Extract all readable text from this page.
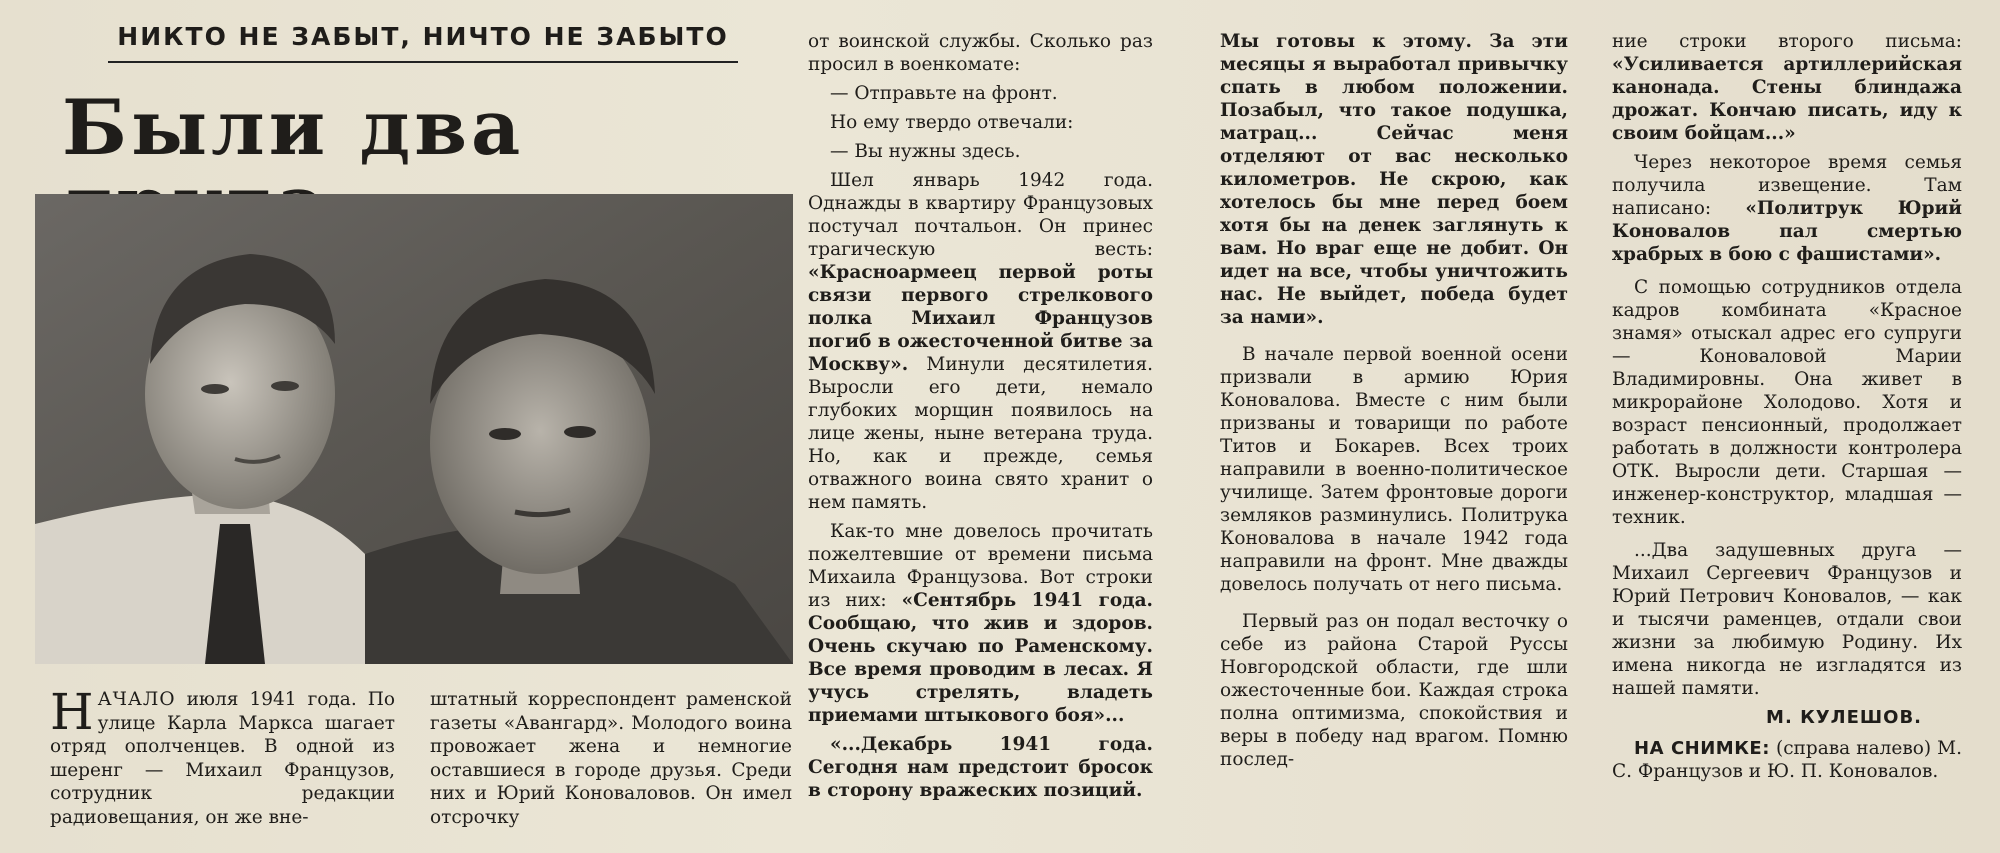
НИКТО НЕ ЗАБЫТ, НИЧТО НЕ ЗАБЫТО
Были два
НАЧАЛО июля 1941 года. По улице Карла Маркса шагает отряд ополченцев. В одной из шеренг — Михаил Французов, сотрудник редакции радиовещания, он же вне-
штатный корреспондент раменской газеты «Авангард». Молодого воина провожает жена и немногие оставшиеся в городе друзья. Среди них и Юрий Коноваловов. Он имел отсрочку

от воинской службы. Сколько раз просил в военкомате:

— Отправьте на фронт.

Но ему твердо отвечали:

— Вы нужны здесь.

Шел январь 1942 года. Однажды в квартиру Французовых постучал почтальон. Он принес трагическую весть: «Красноармеец первой роты связи первого стрелкового полка Михаил Французов погиб в ожесточенной битве за Москву». Минули десятилетия. Выросли его дети, немало глубоких морщин появилось на лице жены, ныне ветерана труда. Но, как и прежде, семья отважного воина свято хранит о нем память.

Как-то мне довелось прочитать пожелтевшие от времени письма Михаила Французова. Вот строки из них: «Сентябрь 1941 года. Сообщаю, что жив и здоров. Очень скучаю по Раменскому. Все время проводим в лесах. Я учусь стрелять, владеть приемами штыкового боя»...

«...Декабрь 1941 года. Сегодня нам предстоит бросок в сторону вражеских позиций.

Мы готовы к этому. За эти месяцы я выработал привычку спать в любом положении. Позабыл, что такое подушка, матрац... Сейчас меня отделяют от вас несколько километров. Не скрою, как хотелось бы мне перед боем хотя бы на денек заглянуть к вам. Но враг еще не добит. Он идет на все, чтобы уничтожить нас. Не выйдет, победа будет за нами».

В начале первой военной осени призвали в армию Юрия Коновалова. Вместе с ним были призваны и товарищи по работе Титов и Бокарев. Всех троих направили в военно-политическое училище. Затем фронтовые дороги земляков разминулись. Политрука Коновалова в начале 1942 года направили на фронт. Мне дважды довелось получать от него письма.

Первый раз он подал весточку о себе из района Старой Руссы Новгородской области, где шли ожесточенные бои. Каждая строка полна оптимизма, спокойствия и веры в победу над врагом. Помню послед-

ние строки второго письма: «Усиливается артиллерийская канонада. Стены блиндажа дрожат. Кончаю писать, иду к своим бойцам...»

Через некоторое время семья получила извещение. Там написано: «Политрук Юрий Коновалов пал смертью храбрых в бою с фашистами».

С помощью сотрудников отдела кадров комбината «Красное знамя» отыскал адрес его супруги — Коноваловой Марии Владимировны. Она живет в микрорайоне Холодово. Хотя и возраст пенсионный, продолжает работать в должности контролера ОТК. Выросли дети. Старшая — инженер-конструктор, младшая — техник.

...Два задушевных друга — Михаил Сергеевич Французов и Юрий Петрович Коновалов, — как и тысячи раменцев, отдали свои жизни за любимую Родину. Их имена никогда не изгладятся из нашей памяти.

М. КУЛЕШОВ.

НА СНИМКЕ: (справа налево) М. С. Французов и Ю. П. Коновалов.
